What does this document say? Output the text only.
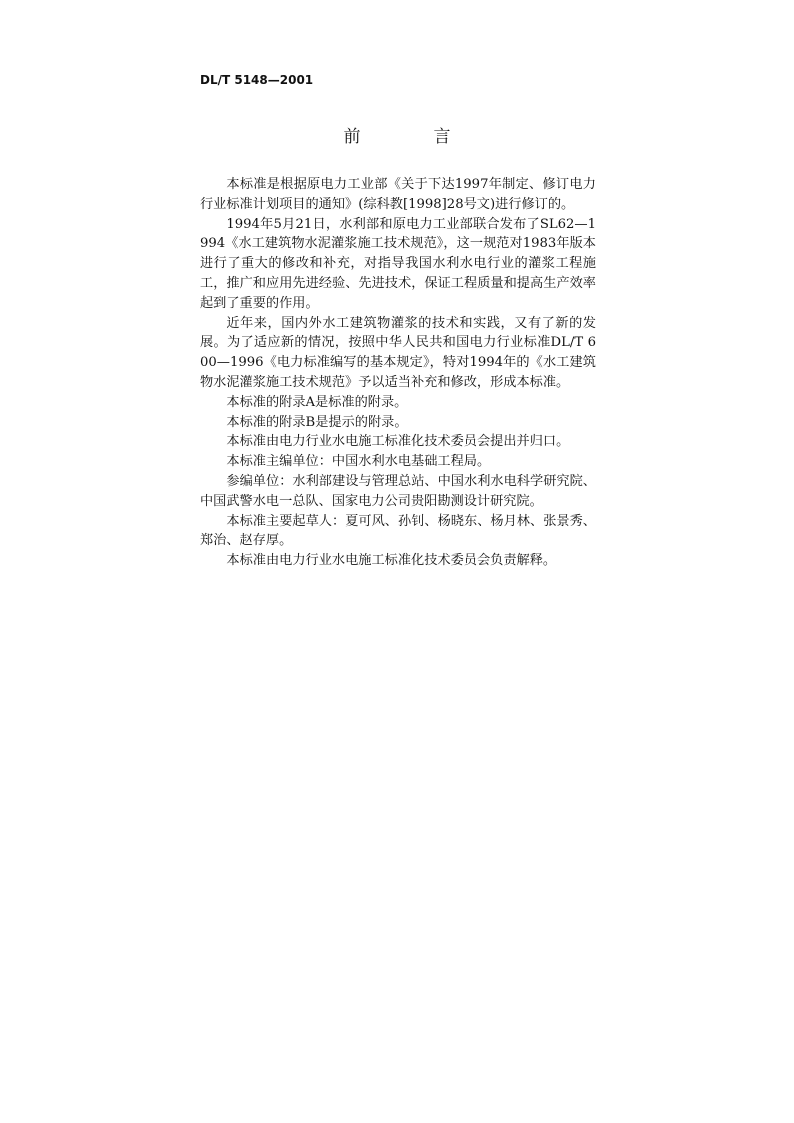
DL/T 5148—2001
前　言

本标准是根据原电力工业部《关于下达1997年制定、修订电力行业标准计划项目的通知》(综科教[1998]28号文)进行修订的。

1994年5月21日，水利部和原电力工业部联合发布了SL62—1994《水工建筑物水泥灌浆施工技术规范》，这一规范对1983年版本进行了重大的修改和补充，对指导我国水利水电行业的灌浆工程施工，推广和应用先进经验、先进技术，保证工程质量和提高生产效率起到了重要的作用。

近年来，国内外水工建筑物灌浆的技术和实践，又有了新的发展。为了适应新的情况，按照中华人民共和国电力行业标准DL/T 600—1996《电力标准编写的基本规定》，特对1994年的《水工建筑物水泥灌浆施工技术规范》予以适当补充和修改，形成本标准。

本标准的附录A是标准的附录。

本标准的附录B是提示的附录。

本标准由电力行业水电施工标准化技术委员会提出并归口。

本标准主编单位：中国水利水电基础工程局。

参编单位：水利部建设与管理总站、中国水利水电科学研究院、中国武警水电一总队、国家电力公司贵阳勘测设计研究院。

本标准主要起草人：夏可风、孙钊、杨晓东、杨月林、张景秀、郑治、赵存厚。

本标准由电力行业水电施工标准化技术委员会负责解释。
